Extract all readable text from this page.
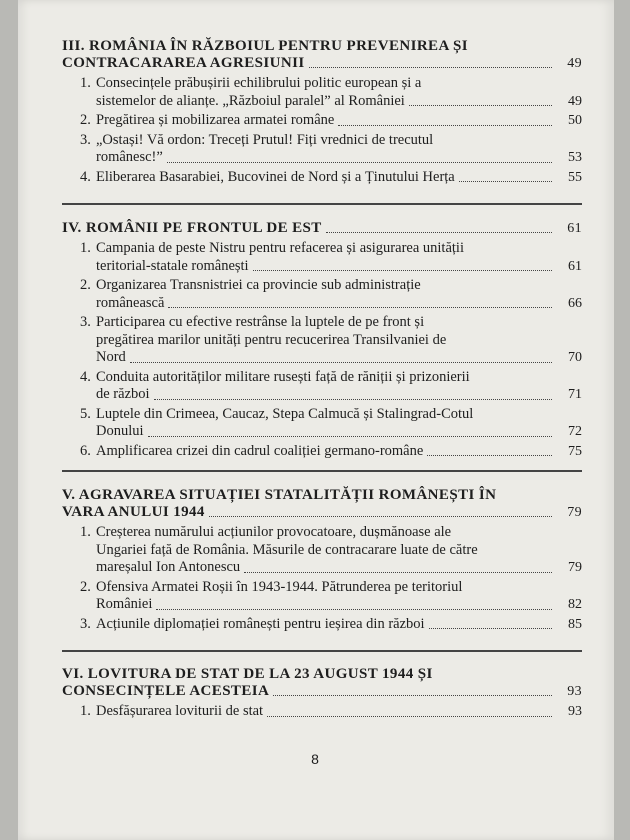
III. ROMÂNIA ÎN RĂZBOIUL PENTRU PREVENIREA ȘI
CONTRACARAREA AGRESIUNII	49
1. Consecințele prăbușirii echilibrului politic european și a
sistemelor de alianțe. „Războiul paralel” al României	49
2. Pregătirea și mobilizarea armatei române	50
3. „Ostași! Vă ordon: Treceți Prutul! Fiți vrednici de trecutul
românesc!”	53
4. Eliberarea Basarabiei, Bucovinei de Nord și a Ținutului Herța	55
IV. ROMÂNII PE FRONTUL DE EST	61
1. Campania de peste Nistru pentru refacerea și asigurarea unității
teritorial-statale românești	61
2. Organizarea Transnistriei ca provincie sub administrație
românească	66
3. Participarea cu efective restrânse la luptele de pe front și
pregătirea marilor unități pentru recucerirea Transilvaniei de
Nord	70
4. Conduita autorităților militare rusești față de răniții și prizonierii
de război	71
5. Luptele din Crimeea, Caucaz, Stepa Calmucă și Stalingrad-Cotul
Donului	72
6. Amplificarea crizei din cadrul coaliției germano-române	75
V. AGRAVAREA SITUAȚIEI STATALITĂȚII ROMÂNEȘTI ÎN
VARA ANULUI 1944	79
1. Creșterea numărului acțiunilor provocatoare, dușmănoase ale
Ungariei față de România. Măsurile de contracarare luate de către
mareșalul Ion Antonescu	79
2. Ofensiva Armatei Roșii în 1943-1944. Pătrunderea pe teritoriul
României	82
3. Acțiunile diplomației românești pentru ieșirea din război	85
VI. LOVITURA DE STAT DE LA 23 AUGUST 1944 ȘI
CONSECINȚELE ACESTEIA	93
1. Desfășurarea loviturii de stat	93
8
